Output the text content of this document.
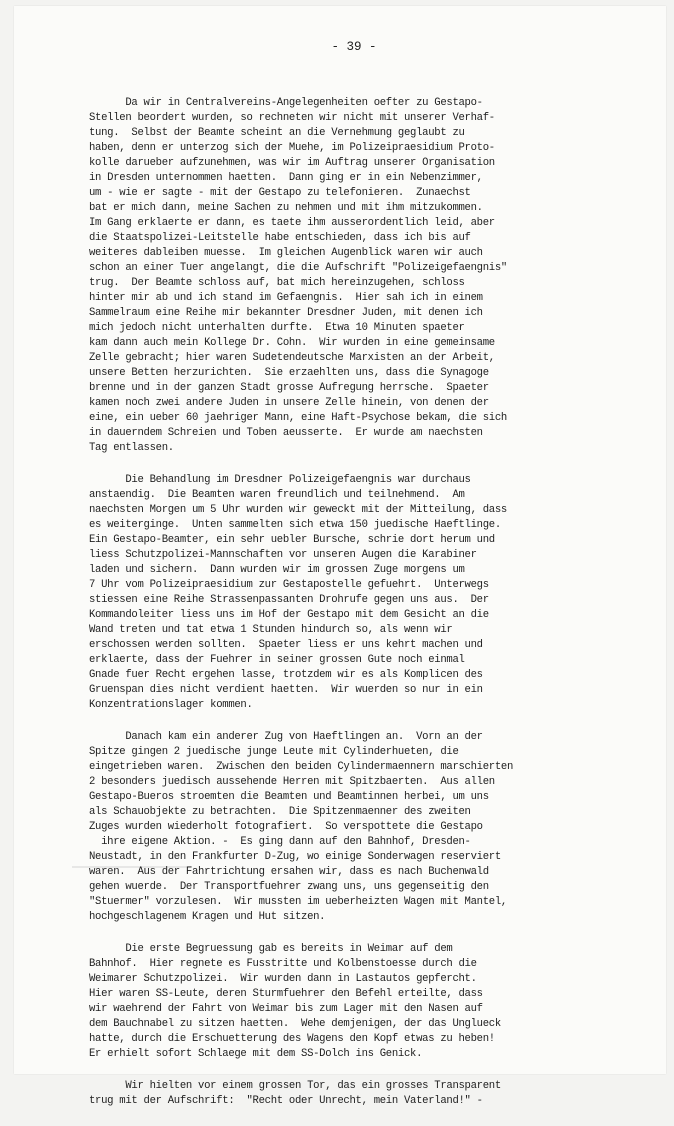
- 39 -
Da wir in Centralvereins-Angelegenheiten oefter zu Gestapo-
Stellen beordert wurden, so rechneten wir nicht mit unserer Verhaf-
tung.  Selbst der Beamte scheint an die Vernehmung geglaubt zu
haben, denn er unterzog sich der Muehe, im Polizeipraesidium Proto-
kolle darueber aufzunehmen, was wir im Auftrag unserer Organisation
in Dresden unternommen haetten.  Dann ging er in ein Nebenzimmer,
um - wie er sagte - mit der Gestapo zu telefonieren.  Zunaechst
bat er mich dann, meine Sachen zu nehmen und mit ihm mitzukommen.
Im Gang erklaerte er dann, es taete ihm ausserordentlich leid, aber
die Staatspolizei-Leitstelle habe entschieden, dass ich bis auf
weiteres dableiben muesse.  Im gleichen Augenblick waren wir auch
schon an einer Tuer angelangt, die die Aufschrift "Polizeigefaengnis"
trug.  Der Beamte schloss auf, bat mich hereinzugehen, schloss
hinter mir ab und ich stand im Gefaengnis.  Hier sah ich in einem
Sammelraum eine Reihe mir bekannter Dresdner Juden, mit denen ich
mich jedoch nicht unterhalten durfte.  Etwa 10 Minuten spaeter
kam dann auch mein Kollege Dr. Cohn.  Wir wurden in eine gemeinsame
Zelle gebracht; hier waren Sudetendeutsche Marxisten an der Arbeit,
unsere Betten herzurichten.  Sie erzaehlten uns, dass die Synagoge
brenne und in der ganzen Stadt grosse Aufregung herrsche.  Spaeter
kamen noch zwei andere Juden in unsere Zelle hinein, von denen der
eine, ein ueber 60 jaehriger Mann, eine Haft-Psychose bekam, die sich
in dauerndem Schreien und Toben aeusserte.  Er wurde am naechsten
Tag entlassen.
Die Behandlung im Dresdner Polizeigefaengnis war durchaus
anstaendig.  Die Beamten waren freundlich und teilnehmend.  Am
naechsten Morgen um 5 Uhr wurden wir geweckt mit der Mitteilung, dass
es weiterginge.  Unten sammelten sich etwa 150 juedische Haeftlinge.
Ein Gestapo-Beamter, ein sehr uebler Bursche, schrie dort herum und
liess Schutzpolizei-Mannschaften vor unseren Augen die Karabiner
laden und sichern.  Dann wurden wir im grossen Zuge morgens um
7 Uhr vom Polizeipraesidium zur Gestapostelle gefuehrt.  Unterwegs
stiessen eine Reihe Strassenpassanten Drohrufe gegen uns aus.  Der
Kommandoleiter liess uns im Hof der Gestapo mit dem Gesicht an die
Wand treten und tat etwa 1 Stunden hindurch so, als wenn wir
erschossen werden sollten.  Spaeter liess er uns kehrt machen und
erklaerte, dass der Fuehrer in seiner grossen Gute noch einmal
Gnade fuer Recht ergehen lasse, trotzdem wir es als Komplicen des
Gruenspan dies nicht verdient haetten.  Wir wuerden so nur in ein
Konzentrationslager kommen.
Danach kam ein anderer Zug von Haeftlingen an.  Vorn an der
Spitze gingen 2 juedische junge Leute mit Cylinderhueten, die
eingetrieben waren.  Zwischen den beiden Cylindermaennern marschierten
2 besonders juedisch aussehende Herren mit Spitzbaerten.  Aus allen
Gestapo-Bueros stroemten die Beamten und Beamtinnen herbei, um uns
als Schauobjekte zu betrachten.  Die Spitzenmaenner des zweiten
Zuges wurden wiederholt fotografiert.  So verspottete die Gestapo
ihre eigene Aktion. -  Es ging dann auf den Bahnhof, Dresden-
Neustadt, in den Frankfurter D-Zug, wo einige Sonderwagen reserviert
waren.  Aus der Fahrtrichtung ersahen wir, dass es nach Buchenwald
gehen wuerde.  Der Transportfuehrer zwang uns, uns gegenseitig den
"Stuermer" vorzulesen.  Wir mussten im ueberheizten Wagen mit Mantel,
hochgeschlagenem Kragen und Hut sitzen.
Die erste Begruessung gab es bereits in Weimar auf dem
Bahnhof.  Hier regnete es Fusstritte und Kolbenstoesse durch die
Weimarer Schutzpolizei.  Wir wurden dann in Lastautos gepfercht.
Hier waren SS-Leute, deren Sturmfuehrer den Befehl erteilte, dass
wir waehrend der Fahrt von Weimar bis zum Lager mit den Nasen auf
dem Bauchnabel zu sitzen haetten.  Wehe demjenigen, der das Unglueck
hatte, durch die Erschuetterung des Wagens den Kopf etwas zu heben!
Er erhielt sofort Schlaege mit dem SS-Dolch ins Genick.
Wir hielten vor einem grossen Tor, das ein grosses Transparent
trug mit der Aufschrift:  "Recht oder Unrecht, mein Vaterland!" -
